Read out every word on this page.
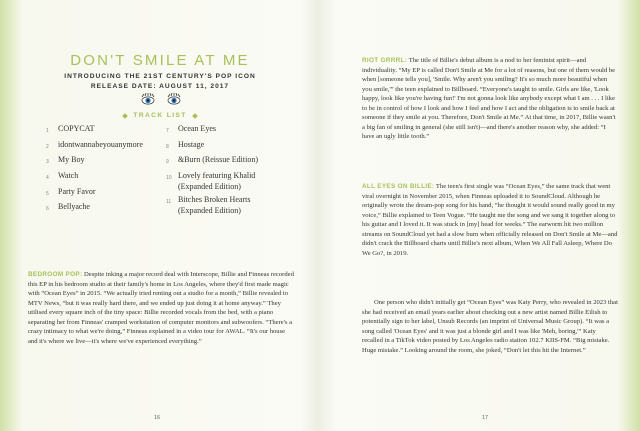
DON'T SMILE AT ME
INTRODUCING THE 21ST CENTURY'S POP ICON
RELEASE DATE: AUGUST 11, 2017
TRACK LIST
1	COPYCAT
2	idontwannabeyouanymore
3	My Boy
4	Watch
5	Party Favor
6	Bellyache
7	Ocean Eyes
8	Hostage
9	&Burn (Reissue Edition)
10 Lovely featuring Khalid (Expanded Edition)
11 Bitches Broken Hearts (Expanded Edition)
BEDROOM POP: Despite inking a major record deal with Interscope, Billie and Finneas recorded this EP in his bedroom studio at their family's home in Los Angeles, where they'd first made magic with “Ocean Eyes” in 2015. “We actually tried renting out a studio for a month,” Billie revealed to MTV News, “but it was really hard there, and we ended up just doing it at home anyway.” They utilised every square inch of the tiny space: Billie recorded vocals from the bed, with a piano separating her from Finneas' cramped workstation of computer monitors and subwoofers. “There's a crazy intimacy to what we're doing,” Finneas explained in a video tour for AWAL. “It's our house and it's where we live—it's where we've experienced everything.”
16
RIOT GRRRL: The title of Billie's debut album is a nod to her feminist spirit—and individuality. “My EP is called Don't Smile at Me for a lot of reasons, but one of them would be when [someone tells you], 'Smile. Why aren't you smiling? It's so much more beautiful when you smile,'” the teen explained to Billboard. “Everyone's taught to smile. Girls are like, 'Look happy, look like you're having fun!' I'm not gonna look like anybody except what I am . . . I like to be in control of how I look and how I feel and how I act and the obligation is to smile back at someone if they smile at you. Therefore, Don't Smile at Me.” At that time, in 2017, Billie wasn't a big fan of smiling in general (she still isn't)—and there's another reason why, she added: “I have an ugly little tooth.”
ALL EYES ON BILLIE: The teen's first single was “Ocean Eyes,” the same track that went viral overnight in November 2015, when Finneas uploaded it to SoundCloud. Although he originally wrote the dream-pop song for his band, “he thought it would sound really good in my voice,” Billie explained to Teen Vogue. “He taught me the song and we sang it together along to his guitar and I loved it. It was stuck in [my] head for weeks.” The earworm hit two million streams on SoundCloud yet had a slow burn when officially released on Don't Smile at Me—and didn't crack the Billboard charts until Billie's next album, When We All Fall Asleep, Where Do We Go?, in 2019.
One person who didn't initially get “Ocean Eyes” was Katy Perry, who revealed in 2023 that she had received an email years earlier about checking out a new artist named Billie Eilish to potentially sign to her label, Unsub Records (an imprint of Universal Music Group). “It was a song called 'Ocean Eyes' and it was just a blonde girl and I was like 'Meh, boring,'” Katy recalled in a TikTok video posted by Los Angeles radio station 102.7 KIIS-FM. “Big mistake. Huge mistake.” Looking around the room, she joked, “Don't let this hit the Internet.”
17
